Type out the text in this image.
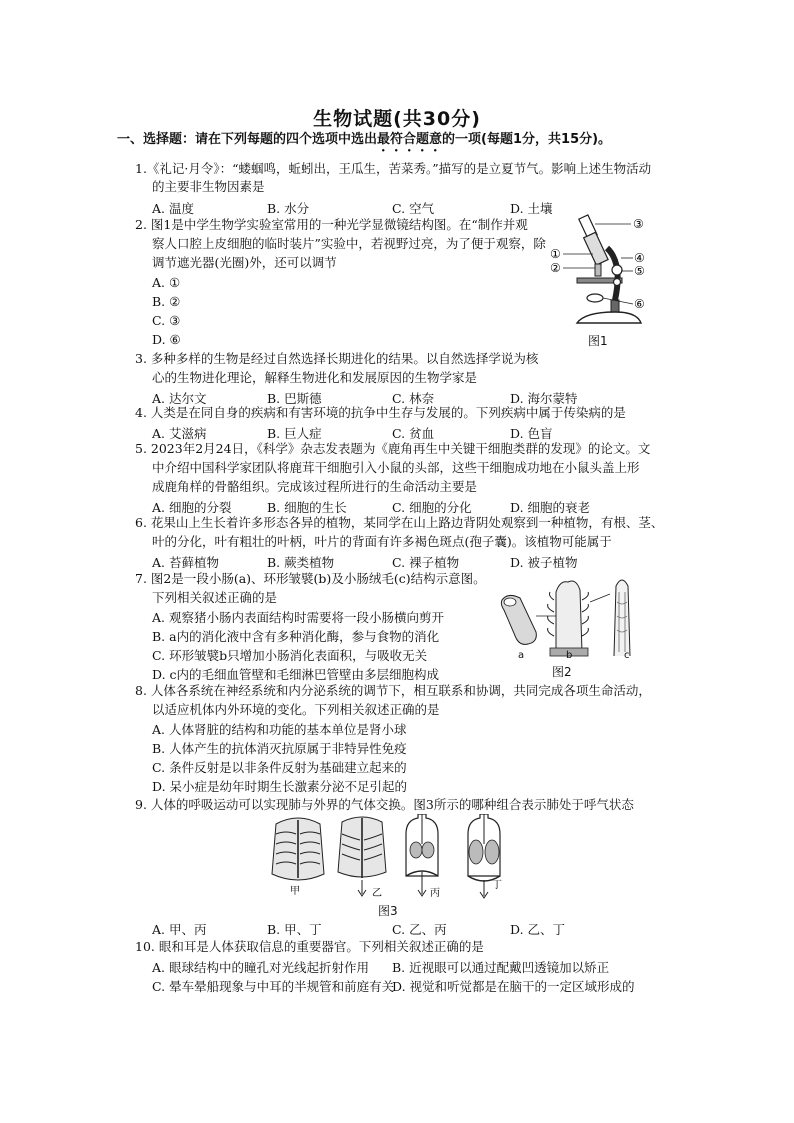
生物试题(共30分)
一、选择题：请在下列每题的四个选项中选出最符合题意的一项(每题1分，共15分)。
1.《礼记·月令》：“蝼蝈鸣，蚯蚓出，王瓜生，苦菜秀。”描写的是立夏节气。影响上述生物活动
的主要非生物因素是
A. 温度	B. 水分	C. 空气	D. 土壤
2. 图1是中学生物学实验室常用的一种光学显微镜结构图。在“制作并观
察人口腔上皮细胞的临时装片”实验中，若视野过亮，为了便于观察，除
调节遮光器(光圈)外，还可以调节
A. ①
B. ②
C. ③
D. ⑥
①
②
③
④
⑤
⑥
图1
3. 多种多样的生物是经过自然选择长期进化的结果。以自然选择学说为核
心的生物进化理论，解释生物进化和发展原因的生物学家是
A. 达尔文	B. 巴斯德	C. 林奈	D. 海尔蒙特
4. 人类是在同自身的疾病和有害环境的抗争中生存与发展的。下列疾病中属于传染病的是
A. 艾滋病	B. 巨人症	C. 贫血	D. 色盲
5. 2023年2月24日，《科学》杂志发表题为《鹿角再生中关键干细胞类群的发现》的论文。文
中介绍中国科学家团队将鹿茸干细胞引入小鼠的头部，这些干细胞成功地在小鼠头盖上形
成鹿角样的骨骼组织。完成该过程所进行的生命活动主要是
A. 细胞的分裂	B. 细胞的生长	C. 细胞的分化	D. 细胞的衰老
6. 花果山上生长着许多形态各异的植物，某同学在山上路边背阴处观察到一种植物，有根、茎、
叶的分化，叶有粗壮的叶柄，叶片的背面有许多褐色斑点(孢子囊)。该植物可能属于
A. 苔藓植物	B. 蕨类植物	C. 裸子植物	D. 被子植物
7. 图2是一段小肠(a)、环形皱襞(b)及小肠绒毛(c)结构示意图。
下列相关叙述正确的是
A. 观察猪小肠内表面结构时需要将一段小肠横向剪开
B. a内的消化液中含有多种消化酶，参与食物的消化
C. 环形皱襞b只增加小肠消化表面积，与吸收无关
D. c内的毛细血管壁和毛细淋巴管壁由多层细胞构成
a	b	c
图2
8. 人体各系统在神经系统和内分泌系统的调节下，相互联系和协调，共同完成各项生命活动，
以适应机体内外环境的变化。下列相关叙述正确的是
A. 人体肾脏的结构和功能的基本单位是肾小球
B. 人体产生的抗体消灭抗原属于非特异性免疫
C. 条件反射是以非条件反射为基础建立起来的
D. 呆小症是幼年时期生长激素分泌不足引起的
9. 人体的呼吸运动可以实现肺与外界的气体交换。图3所示的哪种组合表示肺处于呼气状态
甲	乙	丙
丁
图3
A. 甲、丙	B. 甲、丁	C. 乙、丙	D. 乙、丁
10. 眼和耳是人体获取信息的重要器官。下列相关叙述正确的是
A. 眼球结构中的瞳孔对光线起折射作用 B. 近视眼可以通过配戴凹透镜加以矫正
C. 晕车晕船现象与中耳的半规管和前庭有关
D. 视觉和听觉都是在脑干的一定区域形成的
